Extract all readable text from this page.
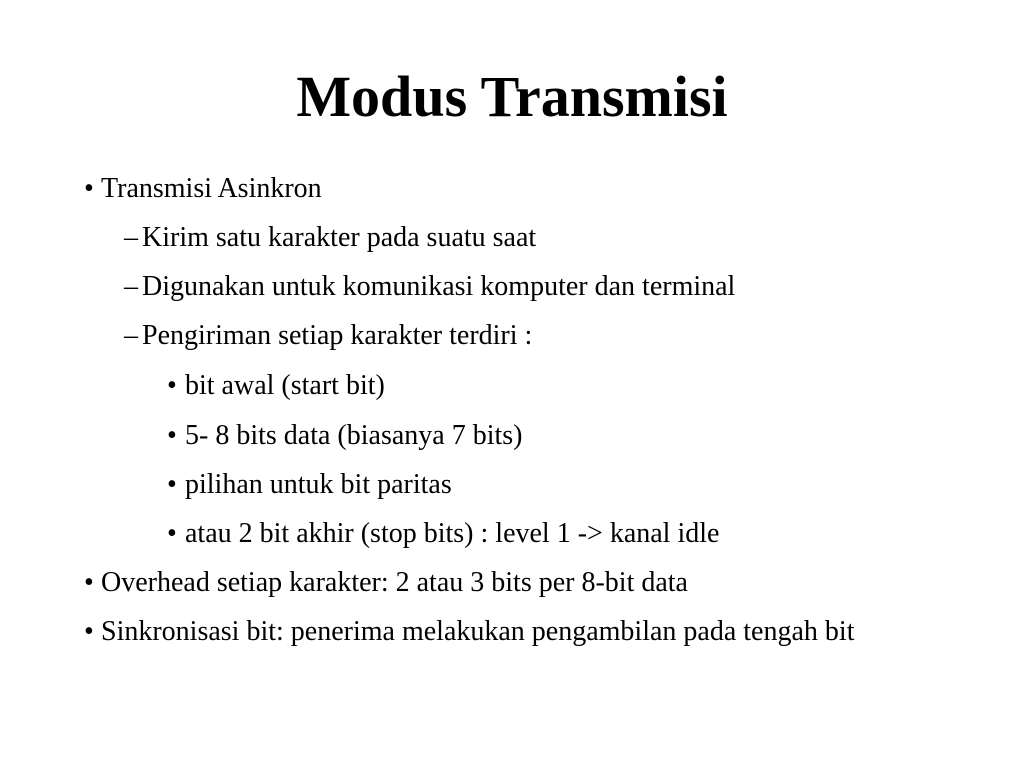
Modus Transmisi
• Transmisi Asinkron
– Kirim satu karakter pada suatu saat
– Digunakan untuk komunikasi komputer dan terminal
– Pengiriman setiap karakter terdiri :
• bit awal (start bit)
• 5- 8 bits data (biasanya 7 bits)
• pilihan untuk bit paritas
• atau 2 bit akhir (stop bits) : level 1 -> kanal idle
• Overhead setiap karakter: 2 atau 3 bits per 8-bit data
• Sinkronisasi bit: penerima melakukan pengambilan pada tengah bit
